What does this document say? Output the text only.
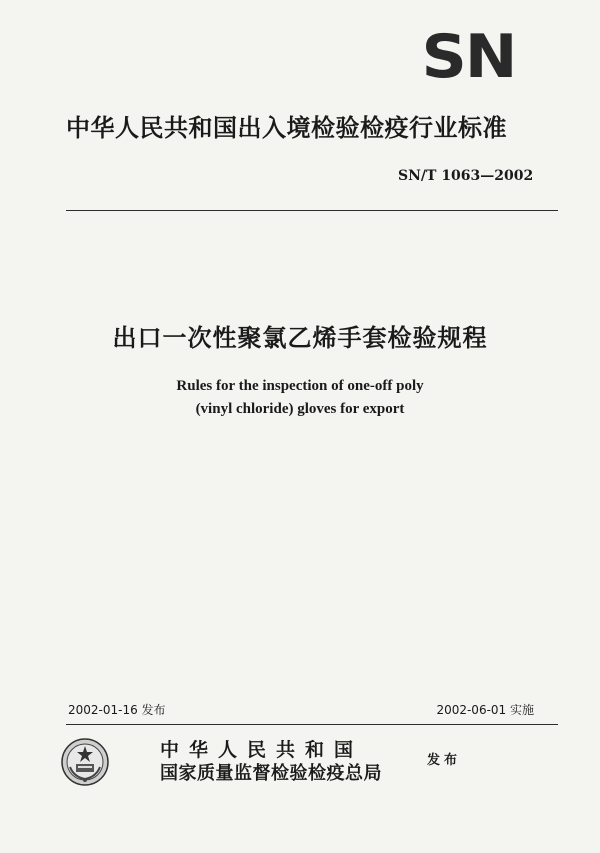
SN
中华人民共和国出入境检验检疫行业标准
SN/T 1063—2002
出口一次性聚氯乙烯手套检验规程
Rules for the inspection of one-off poly
(vinyl chloride) gloves for export
2002-01-16 发布	2002-06-01 实施
中华人民共和国
国家质量监督检验检疫总局
发布
